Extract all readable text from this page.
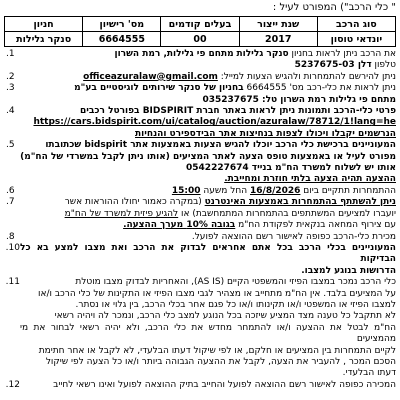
" כלי הרכב") המפורט לעיל :
סוג הרכב	שנת ייצור	בעלים קודמים	מס' רישיון	חניון
יונדאי טוסון	2017	00	6664555	סנקר גלילות
את הרכב ניתן לראות בחניון סנקר גלילות מתחם פי גלילות, רמת השרון
טלפון 5237675-03 דלן
1.
ניתן להירשם להתמחרות ולהגיש הצעות למייל: officeazuralaw@gmail.com
2.
ניתן לראות את כלי-רכב מס' 6664555 בחניון של סנקר שירותים לוגיסטיים בע"מ
מתחם פי גלילות רמת השרון טל: 035237675
3.
פרטי כלי-הרכב ותמונות ניתן לראות באתר חברת BIDSPIRIT בפורטל רכבים
https://cars.bidspirit.com/ui/catalog/auction/azuralaw/78712/1!lang=he
4.
הנרשמים יקבלו ויכולו לצפות בנחיצות אתר הבידספירט והנחיות
המעוניינים ברכישת כלי הרכב יוכלו להגיש הצעות באמצעות אתר bidspirit שכתובתו
מפורט לעיל או באמצעות טופס הצעה לאתר המציעים (אותו ניתן לקבל במשרדי של הח"מ)
אותו יש לשלוח למשרד הח"מ בנייד 0542227674
5.
ההצעה תהיה הצעה בלתי חוזרת ומחייבת.
ההתמחרות תתקיים ביום 16/8/2026 החל משעה 15:00
6.
ניתן להשתתף בהתמחרות באמצעות האינטרנט (במקרה כאמור יחולו ההוראות אשר
יועברו למציעים המשתתפים בהתמחרות המתמחשבת) או להגיע פיזית למשרד של הח"מ
עם צירוף המחאה בנקאית לפקודת הח"מ בגובה 10% מערך ההצעה.
7.
מכירת כלי-הרכב כפופה לאישור רשם ההוצאה לפועל.
8.
המעוניינים בכלי הרכב בכל אתם אחראים לבדוק את הרכב ואת מצבו למצע בא כל הבדיקות
הדרושות בנוגע למצבו.
10.
כלי הרכב נמכר במצבו הפיזי והמשפטי הקיים (AS IS), והאחריות לבדוק מצבו מוטלת
על המציעים בלבד. אין הח"מ מתחייב או מצהיר לגבי מצבו הפיזי או התקינות של כלי הרכב ו/או
למצבו הפיזי או המשפטי ו/או תקינותו ו/או כל פגם אחר בכלי הרכב, בין גלוי או נסתר.
לא תתקבל כל טענה מצד המציע שיזכה בכל הנוגע למצב כלי הרכב, ונמכר לה ויהיה רשאי
הח"מ לבטל את ההצעה ו/או להתמחר מחדש את כלי הרכב, ולא יהיה רשאי לבחור את מי מהמציעים
לקיים התמחרות בין המציעים או חלקם, או לפי שיקול דעתו הבלעדי, לא לקבל או אחר חתימת
הסכם המכר , להעביר את הצעה, לקבל את ההצעה הגבוהה ביותר ו/או כל הצעה לפי שיקול
דעתו הבלעדי.
11.
המכירה כפופה לאישור רשם ההוצאה לפועל והחייב בתיק ההוצאה לפועל ואינו רשאי לחייב
12.
